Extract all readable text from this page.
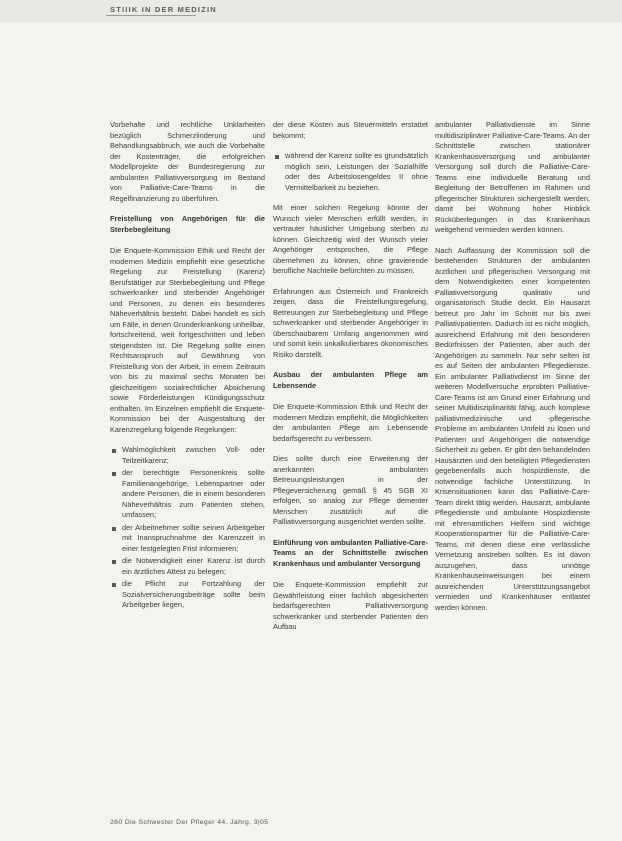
STIIIK IN DER MEDIZIN

Vorbehalte und rechtliche Unklarheiten bezüglich Schmerzlinderung und Behandlungsabbruch, wie auch die Vorbehalte der Kostenträger, die erfolgreichen Modellprojekte der Bundesregierung zur ambulanten Palliativversorgung im Bestand von Palliative-Care-Teams in die Regelfinanzierung zu überführen.

Freistellung von Angehörigen für die Sterbebegleitung

Die Enquete-Kommission Ethik und Recht der modernen Medizin empfiehlt eine gesetzliche Regelung zur Freistellung (Karenz) Berufstätiger zur Sterbebegleitung und Pflege schwerkranker und sterbender Angehöriger und Personen, zu denen ein besonderes Näheverhältnis besteht. Dabei handelt es sich um Fälle, in denen Grunderkrankung unheilbar, fortschreitend, weit fortgeschritten und leben steigendsten ist. Die Regelung sollte einen Rechtsanspruch auf Gewährung von Freistellung von der Arbeit, in einem Zeitraum von bis zu maximal sechs Monaten bei gleichzeitigem sozialrechtlicher Absicherung sowie Förderleistungen Kündigungsschutz enthalten. Im Einzelnen empfiehlt die Enquete-Kommission bei der Ausgestaltung der Karenzregelung folgende Regelungen:

Wahlmöglichkeit zwischen Voll- oder Teilzeitkarenz;
der berechtigte Personenkreis sollte Familienangehörige, Lebenspartner oder andere Personen, die in einem besonderen Näheverhältnis zum Patienten stehen, umfassen;
der Arbeitnehmer sollte seinen Arbeitgeber mit Inanspruchnahme der Karenzzeit in einer festgelegten Frist informieren;
die Notwendigkeit einer Karenz ist durch ein ärztliches Attest zu belegen;
die Pflicht zur Fortzahlung der Sozialversicherungsbeiträge sollte beim Arbeitgeber liegen,

der diese Kosten aus Steuermitteln erstattet bekommt;

während der Karenz sollte es grundsätzlich möglich sein, Leistungen der Sozialhilfe oder des Arbeitslosengeldes II ohne Vermittelbarkeit zu beziehen.

Mit einer solchen Regelung könnte der Wunsch vieler Menschen erfüllt werden, in vertrauter häuslicher Umgebung sterben zu können. Gleichzeitig wird der Wunsch vieler Angehöriger entsprochen, die Pflege übernehmen zu können, ohne gravierende berufliche Nachteile befürchten zu müssen.

Erfahrungen aus Österreich und Frankreich zeigen, dass die Freistellungsregelung, Betreuungen zur Sterbebegleitung und Pflege schwerkranker und sterbender Angehöriger in überschaubarem Umfang angenommen wird und somit kein unkalkulierbares ökonomisches Risiko darstellt.

Ausbau der ambulanten Pflege am Lebensende

Die Enquete-Kommission Ethik und Recht der modernen Medizin empfiehlt, die Möglichkeiten der ambulanten Pflege am Lebensende bedarfsgerecht zu verbessern.

Dies sollte durch eine Erweiterung der anerkannten ambulanten Betreuungsleistungen in der Pflegeversicherung gemäß § 45 SGB XI erfolgen, so analog zur Pflege dementer Menschen zusätzlich auf die Palliativversorgung ausgerichtet werden sollte.

Einführung von ambulanten Palliative-Care-Teams an der Schnittstelle zwischen Krankenhaus und ambulanter Versorgung

Die Enquete-Kommission empfiehlt zur Gewährleistung einer fachlich abgesicherten bedarfsgerechten Palliativversorgung schwerkranker und sterbender Patienten den Aufbau

ambulanter Palliativdienste im Sinne multidisziplinärer Palliative-Care-Teams. An der Schnittstelle zwischen stationärer Krankenhausversorgung und ambulanter Versorgung soll durch die Palliative-Care-Teams eine individuelle Beratung und Begleitung der Betroffenen im Rahmen und pflegerischer Strukturen sichergestellt werden, damit bei Wohnung hoher Hinblick Rücküberlegungen in das Krankenhaus weitgehend vermieden werden können.

Nach Auffassung der Kommission soll die bestehenden Strukturen der ambulanten ärztlichen und pflegerischen Versorgung mit dem Notwendigkeiten einer kompetenten Palliativversorgung qualitativ und organisatorisch Studie deckt. Ein Hausarzt betreut pro Jahr im Schnitt nur bis zwei Palliativpatienten. Dadurch ist es nicht möglich, ausreichend Erfahrung mit den besonderen Bedürfnissen der Patienten, aber auch der Angehörigen zu sammeln. Nur sehr selten ist es auf Seiten der ambulanten Pflegedienste. Ein ambulanter Palliativdienst im Sinne der weiteren Modellversuche erprobten Palliative-Care-Teams ist am Grund einer Erfahrung und seiner Multidisziplinarität fähig, auch komplexe palliativmedizinische und -pflegerische Probleme im ambulanten Umfeld zu lösen und Patienten und Angehörigen die notwendige Sicherheit zu geben. Er gibt den behandelnden Hausärzten und den beteiligten Pflegediensten gegebenenfalls auch hospizdienste, die notwendige fachliche Unterstützung. In Krisensituationen kann das Palliative-Care-Team direkt tätig werden. Hausarzt, ambulante Pflegedienste und ambulante Hospizdienste mit ehrenamtlichen Helfern sind wichtige Kooperationspartner für die Palliative-Care-Teams, mit denen diese eine verlässliche Vernetzung anstreben sollten. Es ist davon auszugehen, dass unnötige Krankenhauseinweisungen bei einem ausreichenden Unterstützungsangebot vermieden und Krankenhäuser entlastet werden können.

260 Die Schwester Der Pfleger 44. Jahrg. 3|05
